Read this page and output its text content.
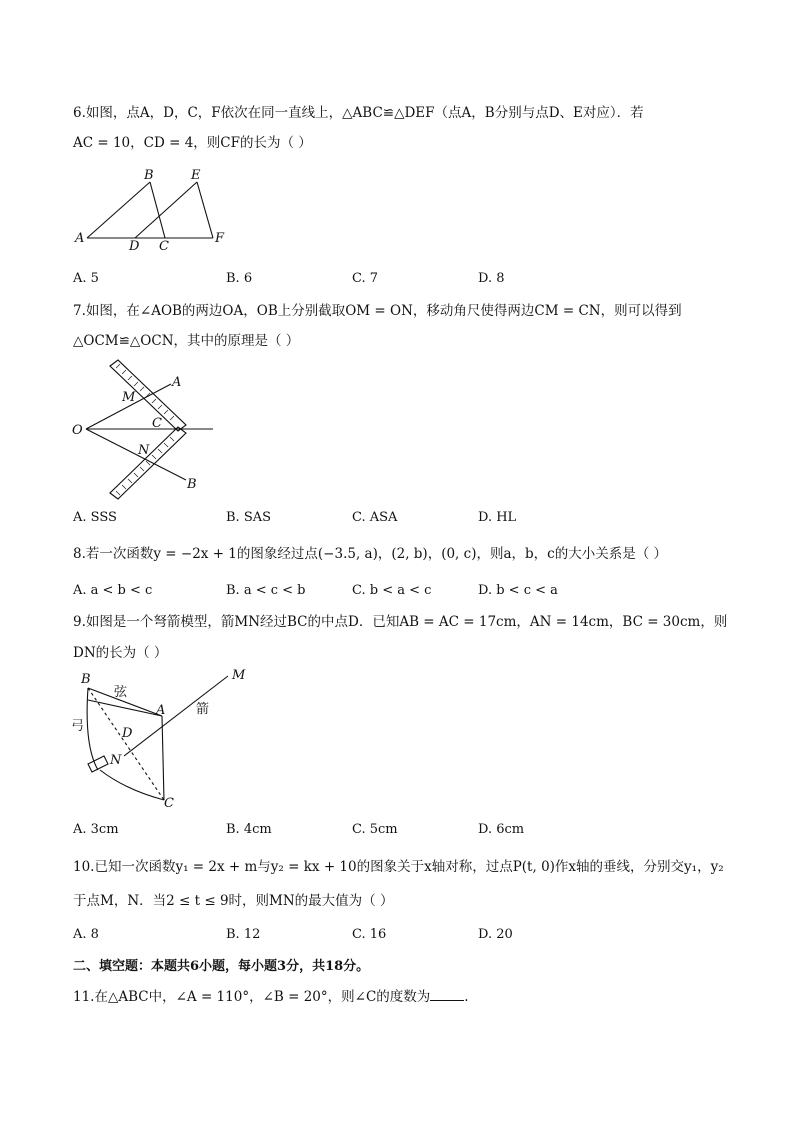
6.如图，点A，D，C，F依次在同一直线上，△ABC≌△DEF（点A，B分别与点D、E对应）．若
AC = 10，CD = 4，则CF的长为（ ）
A
B
C
D
E
F
A. 5	B. 6	C. 7	D. 8
7.如图，在∠AOB的两边OA，OB上分别截取OM = ON，移动角尺使得两边CM = CN，则可以得到
△OCM≌△OCN，其中的原理是（ ）
O
A
B
M
N
C
A. SSS	B. SAS	C. ASA	D. HL
8.若一次函数y = −2x + 1的图象经过点(−3.5, a)，(2, b)，(0, c)，则a，b，c的大小关系是（ ）
A. a < b < c	B. a < c < b	C. b < a < c	D. b < c < a
9.如图是一个弩箭模型，箭MN经过BC的中点D．已知AB = AC = 17cm，AN = 14cm，BC = 30cm，则
DN的长为（ ）
B
A
M
D
N
C
弦
箭
弓
A. 3cm	B. 4cm	C. 5cm	D. 6cm
10.已知一次函数y₁ = 2x + m与y₂ = kx + 10的图象关于x轴对称，过点P(t, 0)作x轴的垂线，分别交y₁，y₂
于点M，N．当2 ≤ t ≤ 9时，则MN的最大值为（ ）
A. 8	B. 12	C. 16	D. 20
二、填空题：本题共6小题，每小题3分，共18分。
11.在△ABC中，∠A = 110°，∠B = 20°，则∠C的度数为	.
